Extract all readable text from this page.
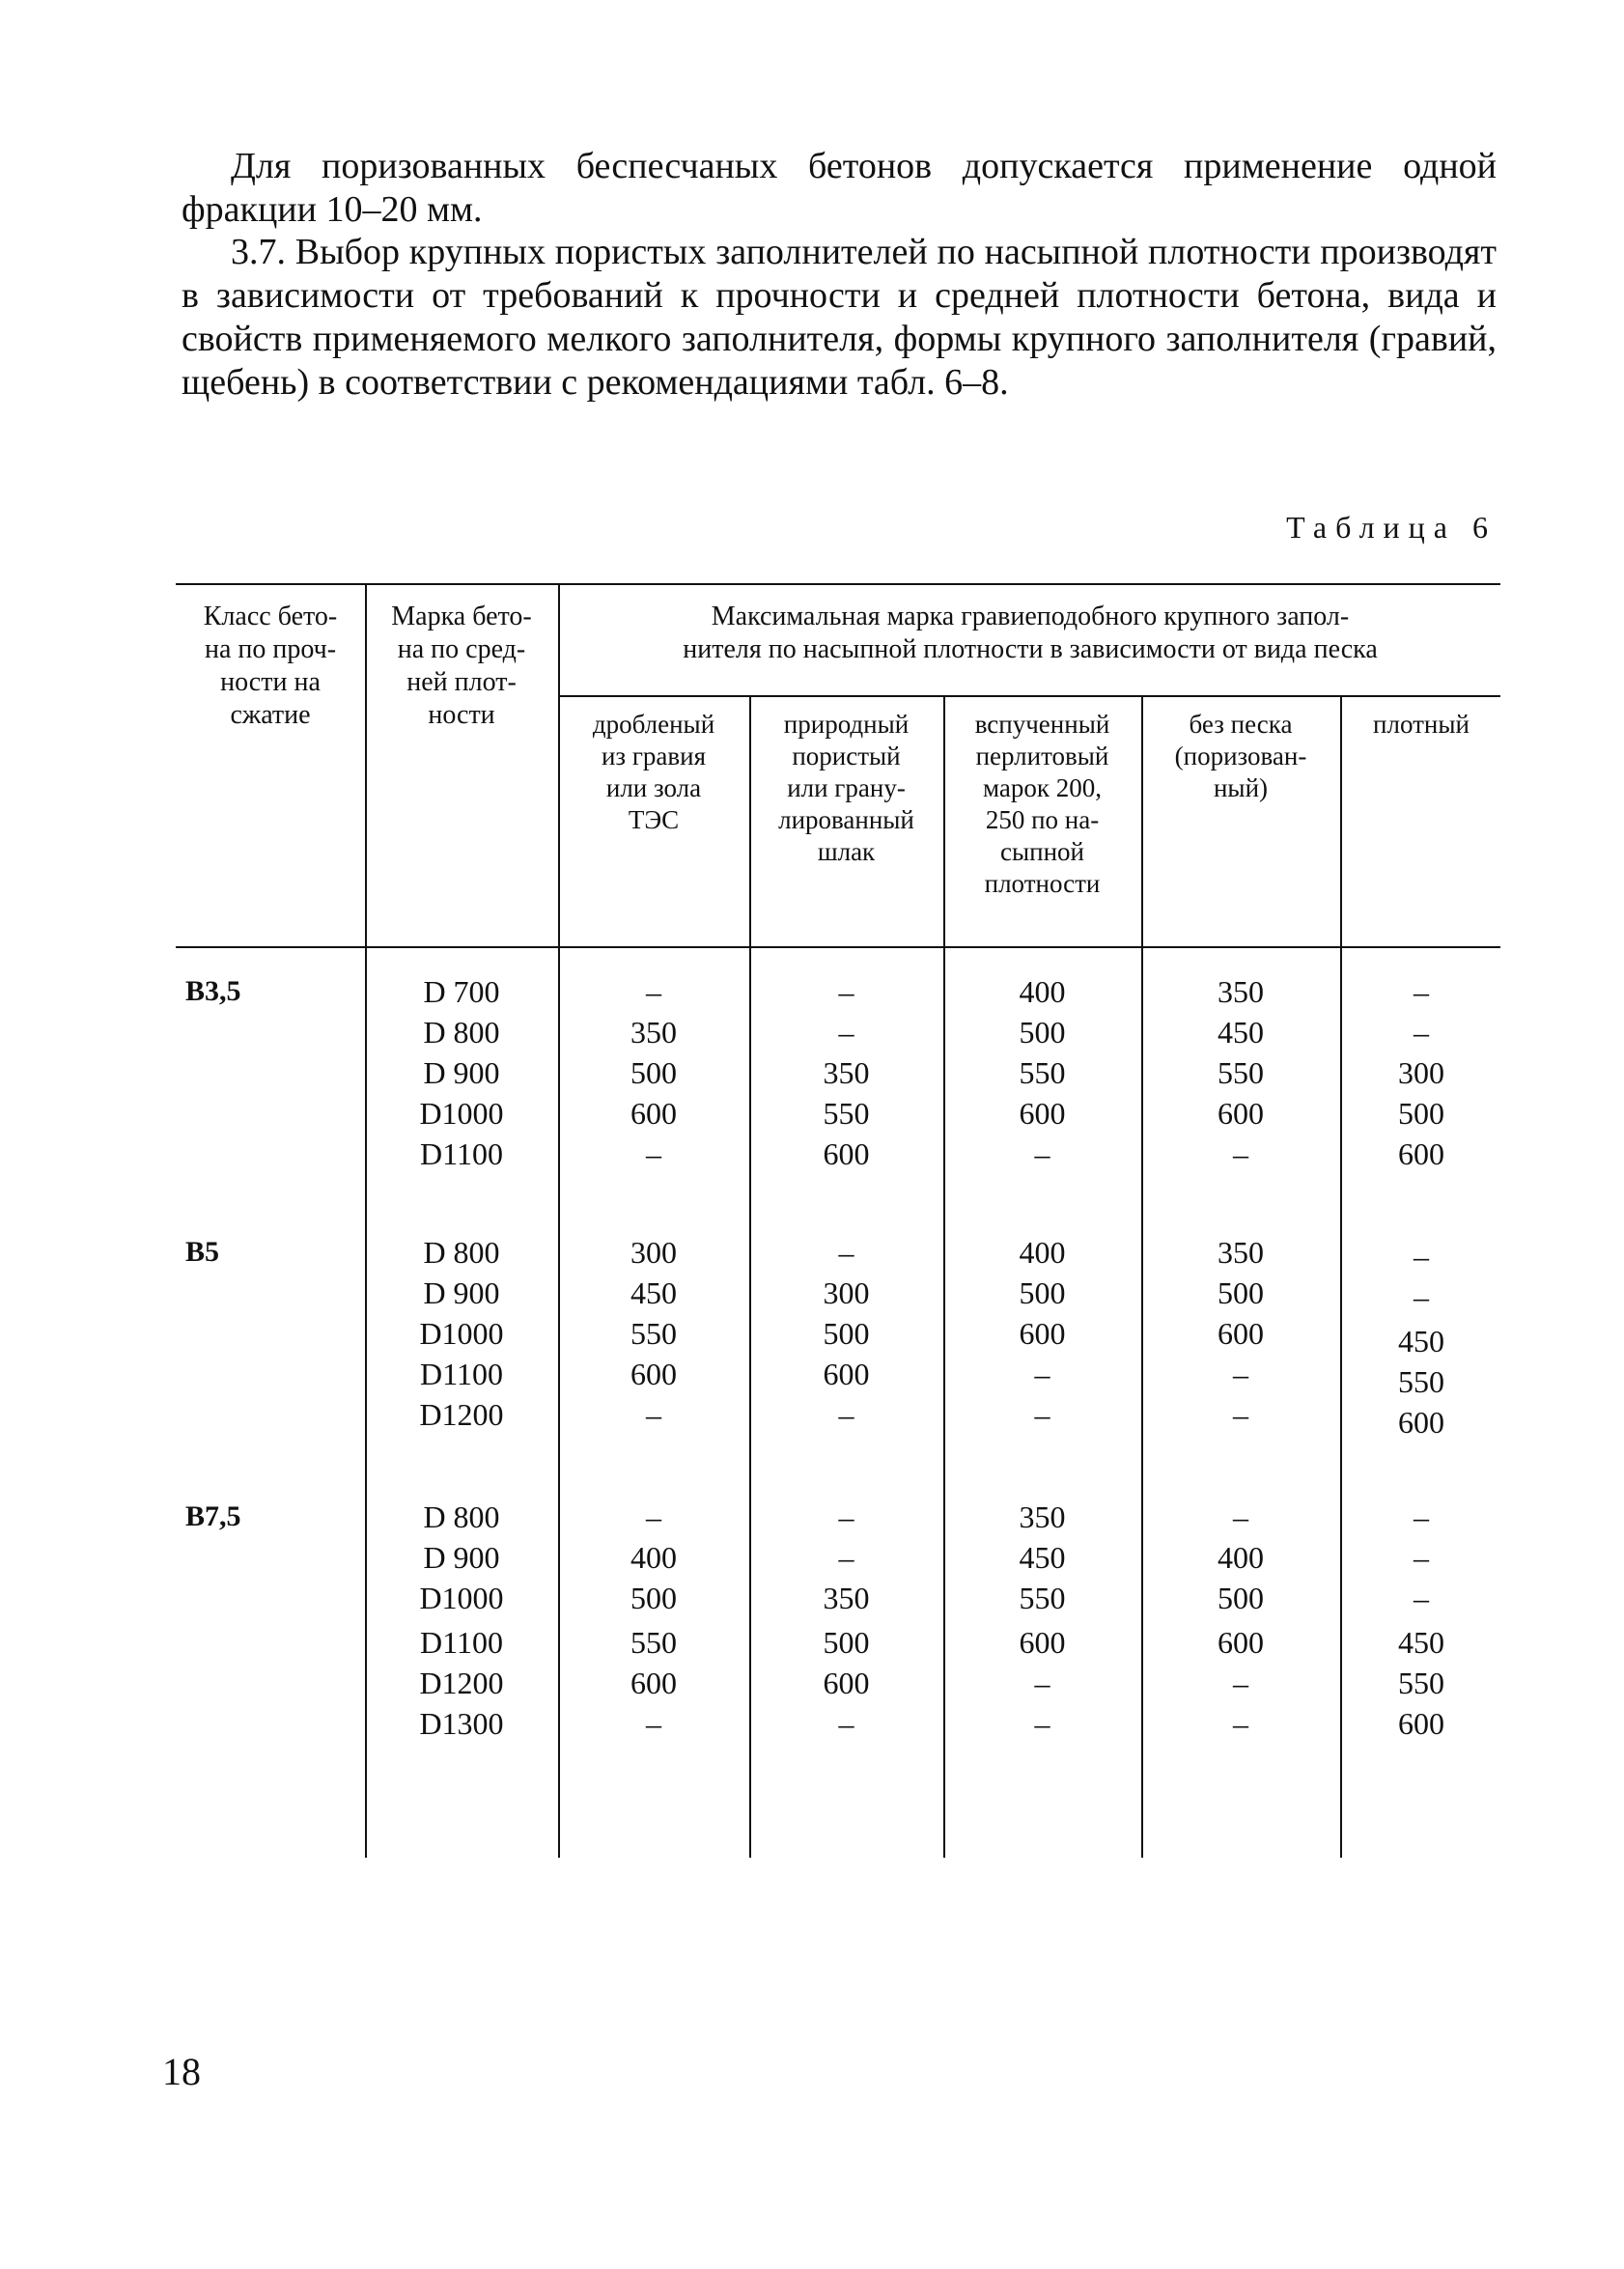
Для поризованных беспесчаных бетонов допускается применение одной фракции 10–20 мм.

3.7. Выбор крупных пористых заполнителей по насыпной плотности производят в зависимости от требований к прочности и средней плотности бетона, вида и свойств применяемого мелкого заполнителя, формы крупного заполнителя (гравий, щебень) в соответствии с рекомендациями табл. 6–8.

Таблица 6
Класс бето-
на по проч-
ности на
сжатие
Марка бето-
на по сред-
ней плот-
ности
Максимальная марка гравиеподобного крупного запол-
нителя по насыпной плотности в зависимости от вида песка
дробленый
из гравия
или зола
ТЭС
природный
пористый
или грану-
лированный
шлак
вспученный
перлитовый
марок 200,
250 по на-
сыпной
плотности
без песка
(поризован-
ный)
плотный
В3,5
В5
В7,5
D 700
D 800
D 900
D1000
D1100
D 800
D 900
D1000
D1100
D1200
D 800
D 900
D1000
D1100
D1200
D1300
–
350
500
600
–
300
450
550
600
–
–
400
500
550
600
–
–
–
350
550
600
–
300
500
600
–
–
–
350
500
600
–
400
500
550
600
–
400
500
600
–
–
350
450
550
600
–
–
350
450
550
600
–
350
500
600
–
–
–
400
500
600
–
–
–
–
300
500
600
–
–
450
550
600
–
–
–
450
550
600
18
